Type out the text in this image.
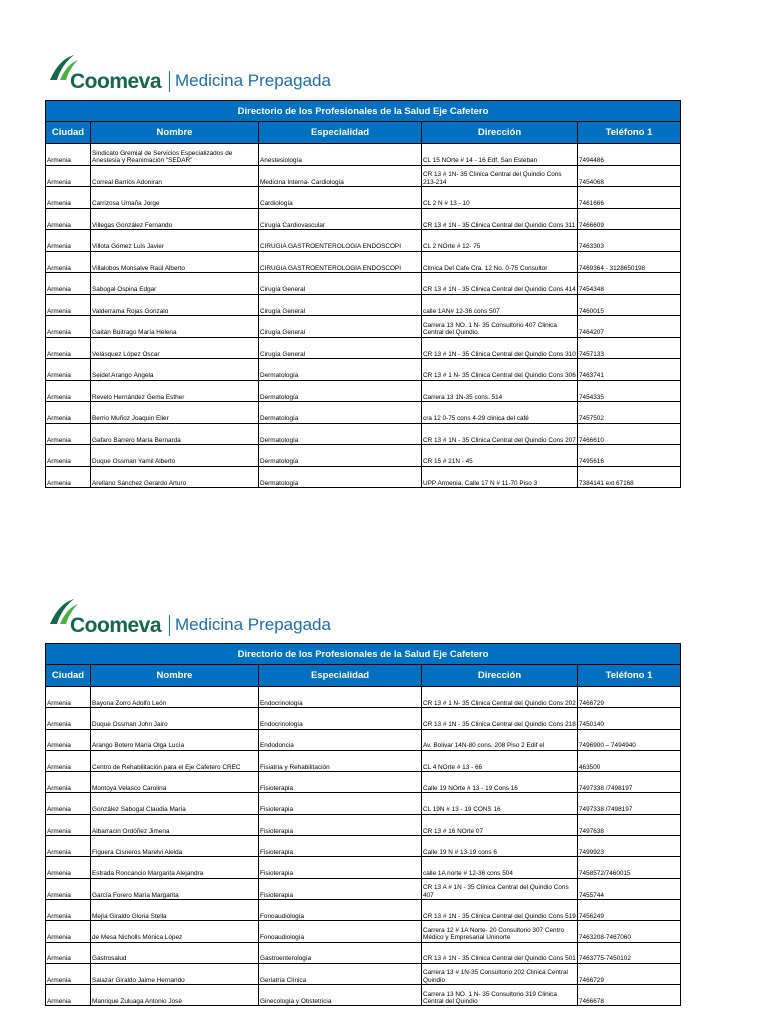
Coomeva Medicina Prepagada
Directorio de los Profesionales de la Salud Eje Cafetero				
Ciudad	Nombre	Especialidad	Dirección	Teléfono 1

Armenia	Sindicato Gremial de Servicios Especializados de Anestesia y Reanimación "SEDAR"	Anestesiología	CL 15 NOrte # 14 - 16 Edf. San Esteban	7494486

Armenia	Correal Barrios Adoniran	Medicina Interna- Cardiología	CR 13 # 1N- 35 Clinica Central del Quindio Cons 213-214	7454068

Armenia	Carrizosa Umaña Jorge	Cardiología	CL 2 N # 13 - 10	7461666

Armenia	Villegas González Fernando	Cirugía Cardiovascular	CR 13 # 1N - 35 Clinica Central del Quindio Cons 311	7466609

Armenia	Villota Gómez Luis Javier	CIRUGIA GASTROENTEROLOGÍA ENDOSCOPI	CL 2 NOrte # 12- 75	7463303

Armenia	Villalobos Monsalve Raúl Alberto	CIRUGIA GASTROENTEROLOGÍA ENDOSCOPI	Clínica Del Cafe Cra. 12 No. 0-75 Consultor	7469364 - 3128650198

Armenia	Sabogal Ospina Edgar	Cirugía General	CR 13 # 1N - 35 Clinica Central del Quindio Cons 414	7454348

Armenia	Valderrama Rojas Gonzalo	Cirugía General	calle 1AN# 12-36 cons 507	7460015

Armenia	Gaitán Buitrago María Helena	Cirugía General	Carrera 13 NO. 1 N- 35 Consultorio 407 Clinica Central del Quindio.	7464207

Armenia	Velásquez López Oscar	Cirugía General	CR 13 # 1N - 35 Clinica Central del Quindio Cons 310	7457133

Armenia	Seidel Arango Ángela	Dermatología	CR 13 # 1 N- 35 Clinica Central del Quindio Cons 306	7463741

Armenia	Revelo Hernández Gema Esther	Dermatología	Carrera 13 1N-35 cons. 514	7454335

Armenia	Berrio Muñoz Joaquin Elier	Dermatología	cra 12 0-75 cons 4-29 clinica del café	7457502

Armenia	Gafaro Barrero María Bernarda	Dermatología	CR 13 # 1N - 35 Clinica Central del Quindio Cons 207	7466610

Armenia	Duque Ossman Yamil Alberto	Dermatología	CR 15 # 21N - 45	7495616

Armenia	Arellano Sánchez Gerardo Arturo	Dermatología	UPP Armenia, Calle 17 N # 11-70 Piso 3	7384141 ext 67168
Coomeva Medicina Prepagada
Directorio de los Profesionales de la Salud Eje Cafetero				
Ciudad	Nombre	Especialidad	Dirección	Teléfono 1

Armenia	Bayona Zorro Adolfo León	Endocrinología	CR 13 # 1 N- 35 Clinica Central del Quindio Cons 202	7466729

Armenia	Duque Ossman John Jairo	Endocrinología	CR 13 # 1N - 35 Clinica Central del Quindio Cons 218	7450140

Armenia	Arango Botero María Olga Lucía	Endodoncia	Av. Bolivar 14N-80 cons. 208 Piso 2 Edif el	7496900 – 7494940

Armenia	Centro de Rehabilitación para el Eje Cafetero CREC	Fisiatría y Rehabilitación	CL 4 NOrte # 13 - 66	463500

Armenia	Montoya Velasco Carolina	Fisioterapia	Calle 19 NOrte # 13 - 19 Cons 16	7497338 /7498197

Armenia	González Sabogal Claudia María	Fisioterapia	CL 19N # 13 - 19 CONS 16	7497338 /7498197

Armenia	Albarracin Ordóñez Jimena	Fisioterapia	CR 13 # 16 NOrte 07	7497638

Armenia	Figuera Cisneros Marelvi Aleida	Fisioterapia	Calle 19 N # 13-19 cons 6	7499923

Armenia	Estrada Roncancio Margarita Alejandra	Fisioterapia	calle 1A norte # 12-36 cons 504	7458572/7460015

Armenia	García Forero María Margarita	Fisioterapia	CR 13 A # 1N - 35 Clinica Central del Quindio Cons 407	7455744

Armenia	Mejía Giraldo Gloria Stella	Fonoaudiología	CR 13 # 1N - 35 Clinica Central del Quindio Cons 519	7456249

Armenia	de Mesa Nicholls Mónica López	Fonoaudiología	Carrera 12 # 1A Norte- 20 Consultorio 307 Centro Médico y Empresarial Uninorte	7463208-7467060

Armenia	Gastrosalud	Gastroenterología	CR 13 # 1N - 35 Clinica Central del Quindio Cons 501	7463775-7450102

Armenia	Salazar Giraldo Jaime Hernando	Geriatría Clínica	Carrera 13 # 1N-35 Consultorio 202 Clinica Central Quindio	7466729

Armenia	Manrique Zuluaga Antonio José	Ginecología y Obstetricia	Carrera 13 NO. 1 N- 35 Consultorio 319 Clinica Central del Quindio	7466678
